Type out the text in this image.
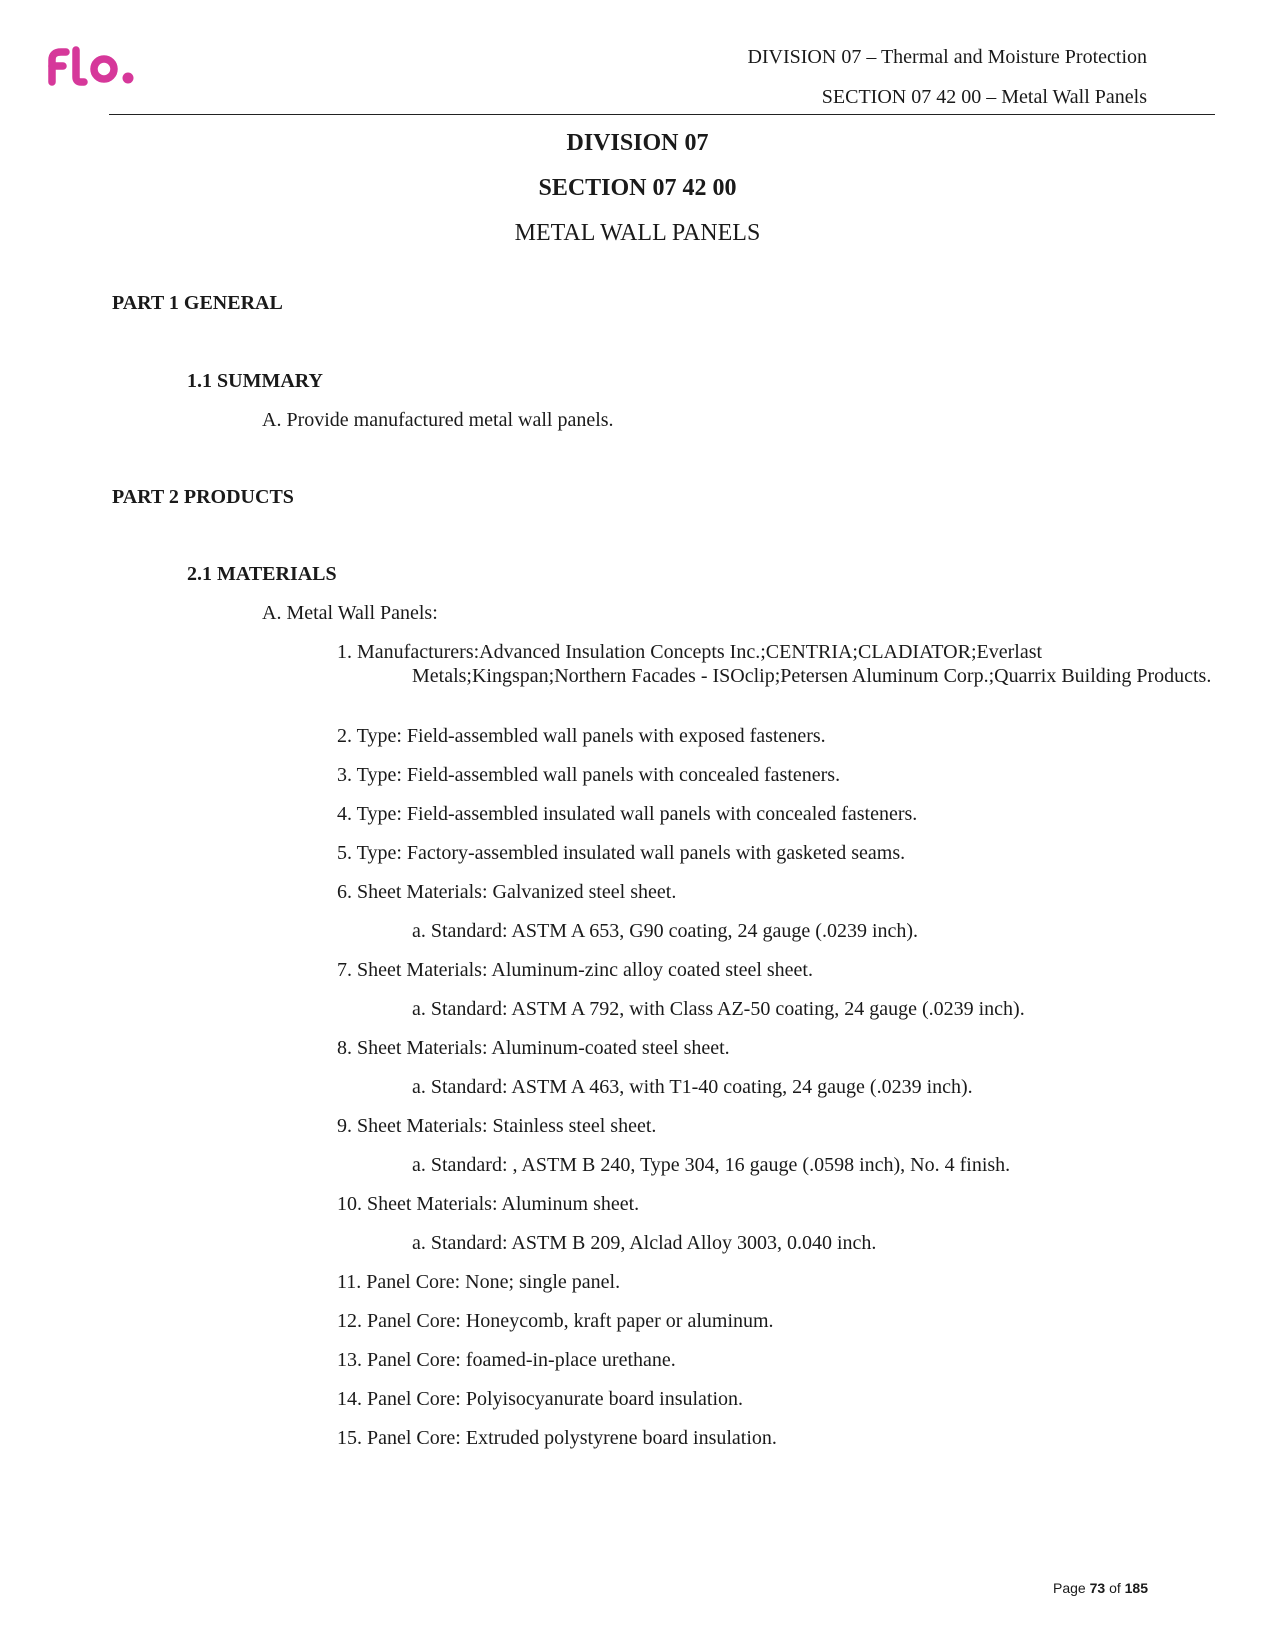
DIVISION 07 – Thermal and Moisture Protection
SECTION 07 42 00 – Metal Wall Panels
DIVISION 07
SECTION 07 42 00
METAL WALL PANELS
PART 1 GENERAL
1.1 SUMMARY
A. Provide manufactured metal wall panels.
PART 2 PRODUCTS
2.1 MATERIALS
A. Metal Wall Panels:
1. Manufacturers:Advanced Insulation Concepts Inc.;CENTRIA;CLADIATOR;Everlast Metals;Kingspan;Northern Facades - ISOclip;Petersen Aluminum Corp.;Quarrix Building Products.
2. Type: Field-assembled wall panels with exposed fasteners.
3. Type: Field-assembled wall panels with concealed fasteners.
4. Type: Field-assembled insulated wall panels with concealed fasteners.
5. Type: Factory-assembled insulated wall panels with gasketed seams.
6. Sheet Materials: Galvanized steel sheet.
a. Standard: ASTM A 653, G90 coating, 24 gauge (.0239 inch).
7. Sheet Materials: Aluminum-zinc alloy coated steel sheet.
a. Standard: ASTM A 792, with Class AZ-50 coating, 24 gauge (.0239 inch).
8. Sheet Materials: Aluminum-coated steel sheet.
a. Standard: ASTM A 463, with T1-40 coating, 24 gauge (.0239 inch).
9. Sheet Materials: Stainless steel sheet.
a. Standard: , ASTM B 240, Type 304, 16 gauge (.0598 inch), No. 4 finish.
10. Sheet Materials: Aluminum sheet.
a. Standard: ASTM B 209, Alclad Alloy 3003, 0.040 inch.
11. Panel Core: None; single panel.
12. Panel Core: Honeycomb, kraft paper or aluminum.
13. Panel Core: foamed-in-place urethane.
14. Panel Core: Polyisocyanurate board insulation.
15. Panel Core: Extruded polystyrene board insulation.
Page 73 of 185
